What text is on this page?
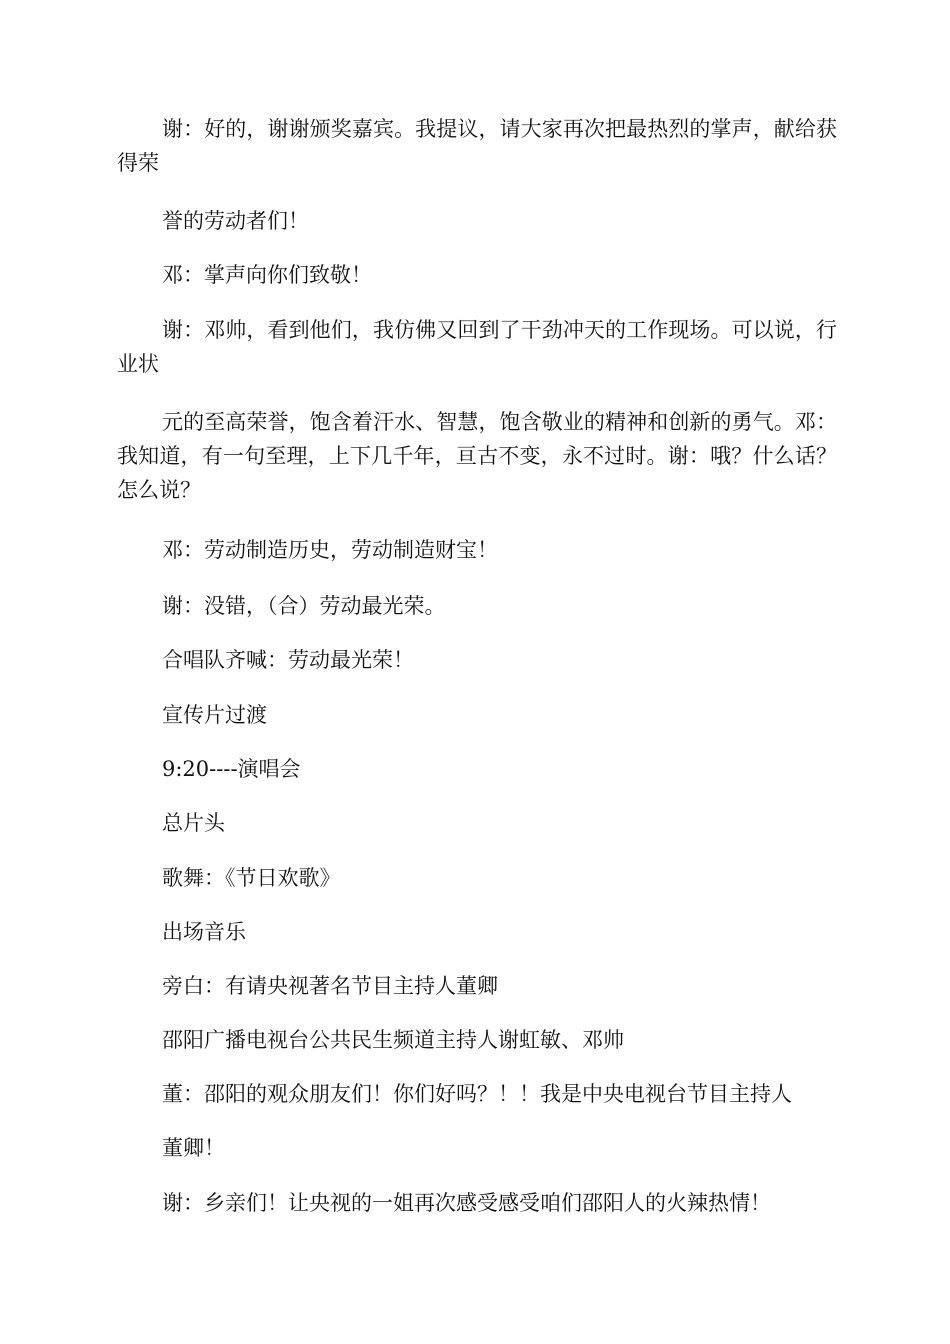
谢：好的，谢谢颁奖嘉宾。我提议，请大家再次把最热烈的掌声，献给获得荣

誉的劳动者们！

邓：掌声向你们致敬！

谢：邓帅，看到他们，我仿佛又回到了干劲冲天的工作现场。可以说，行业状

元的至高荣誉，饱含着汗水、智慧，饱含敬业的精神和创新的勇气。邓：我知道，有一句至理，上下几千年，亘古不变，永不过时。谢：哦？什么话？怎么说？

邓：劳动制造历史，劳动制造财宝！

谢：没错，（合）劳动最光荣。

合唱队齐喊：劳动最光荣！

宣传片过渡

9:20----演唱会

总片头

歌舞：《节日欢歌》

出场音乐

旁白：有请央视著名节目主持人董卿

邵阳广播电视台公共民生频道主持人谢虹敏、邓帅

董：邵阳的观众朋友们！你们好吗？！！我是中央电视台节目主持人

董卿！

谢：乡亲们！让央视的一姐再次感受感受咱们邵阳人的火辣热情！
